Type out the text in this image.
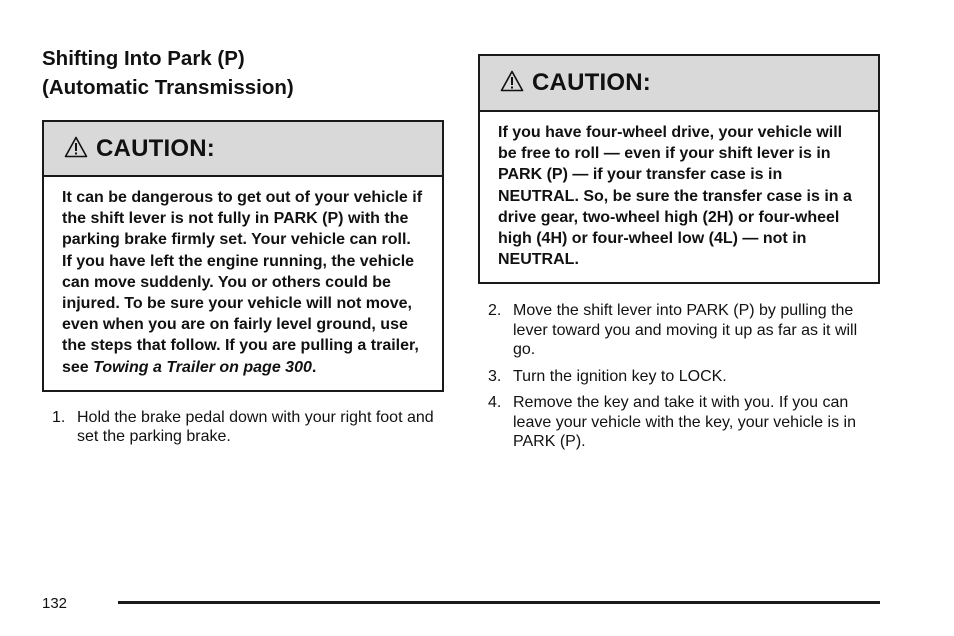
Shifting Into Park (P)
(Automatic Transmission)
CAUTION:
It can be dangerous to get out of your vehicle if the shift lever is not fully in PARK (P) with the parking brake firmly set. Your vehicle can roll. If you have left the engine running, the vehicle can move suddenly. You or others could be injured. To be sure your vehicle will not move, even when you are on fairly level ground, use the steps that follow. If you are pulling a trailer, see Towing a Trailer on page 300.
1. Hold the brake pedal down with your right foot and set the parking brake.
CAUTION:
If you have four-wheel drive, your vehicle will be free to roll — even if your shift lever is in PARK (P) — if your transfer case is in NEUTRAL. So, be sure the transfer case is in a drive gear, two-wheel high (2H) or four-wheel high (4H) or four-wheel low (4L) — not in NEUTRAL.
2. Move the shift lever into PARK (P) by pulling the lever toward you and moving it up as far as it will go.
3. Turn the ignition key to LOCK.
4. Remove the key and take it with you. If you can leave your vehicle with the key, your vehicle is in PARK (P).
132
